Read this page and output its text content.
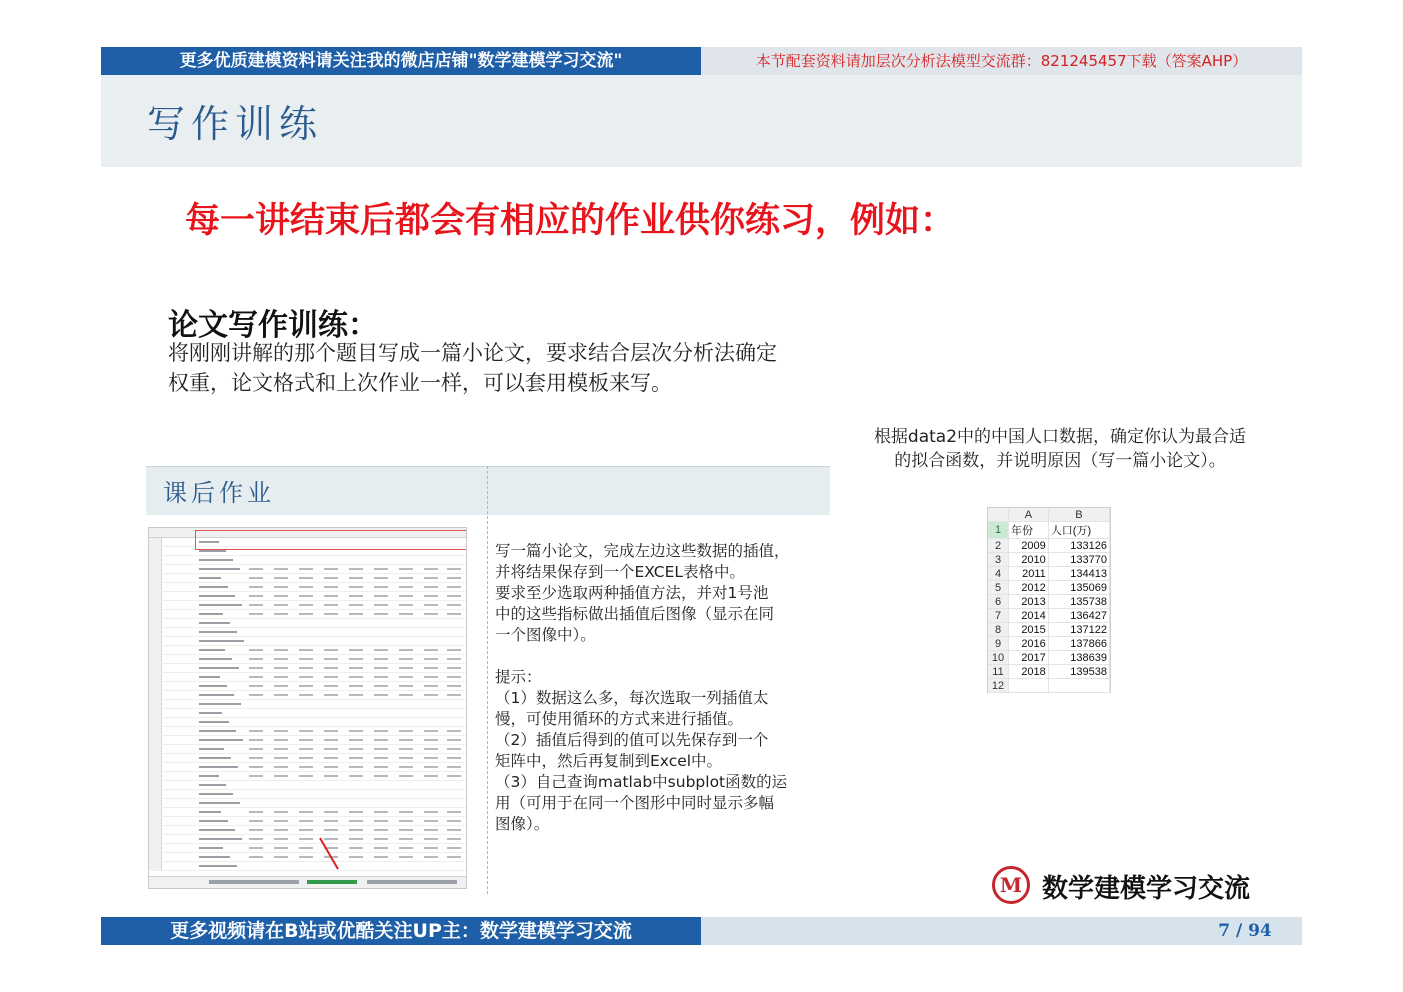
更多优质建模资料请关注我的微店店铺"数学建模学习交流"	本节配套资料请加层次分析法模型交流群：821245457下载（答案AHP）
写作训练
每一讲结束后都会有相应的作业供你练习，例如：
论文写作训练：
将刚刚讲解的那个题目写成一篇小论文，要求结合层次分析法确定
权重，论文格式和上次作业一样，可以套用模板来写。
根据data2中的中国人口数据，确定你认为最合适
的拟合函数，并说明原因（写一篇小论文）。
课后作业

写一篇小论文，完成左边这些数据的插值，

并将结果保存到一个EXCEL表格中。

要求至少选取两种插值方法，并对1号池

中的这些指标做出插值后图像（显示在同

一个图像中）。

提示：

（1）数据这么多，每次选取一列插值太

慢，可使用循环的方式来进行插值。

（2）插值后得到的值可以先保存到一个

矩阵中，然后再复制到Excel中。

（3）自己查询matlab中subplot函数的运

用（可用于在同一个图形中同时显示多幅

图像）。

	A	B
1	年份	人口(万)
2	2009	133126
3	2010	133770
4	2011	134413
5	2012	135069
6	2013	135738
7	2014	136427
8	2015	137122
9	2016	137866
10	2017	138639
11	2018	139538
12		
M 数学建模学习交流
更多视频请在B站或优酷关注UP主：数学建模学习交流	7 / 94
